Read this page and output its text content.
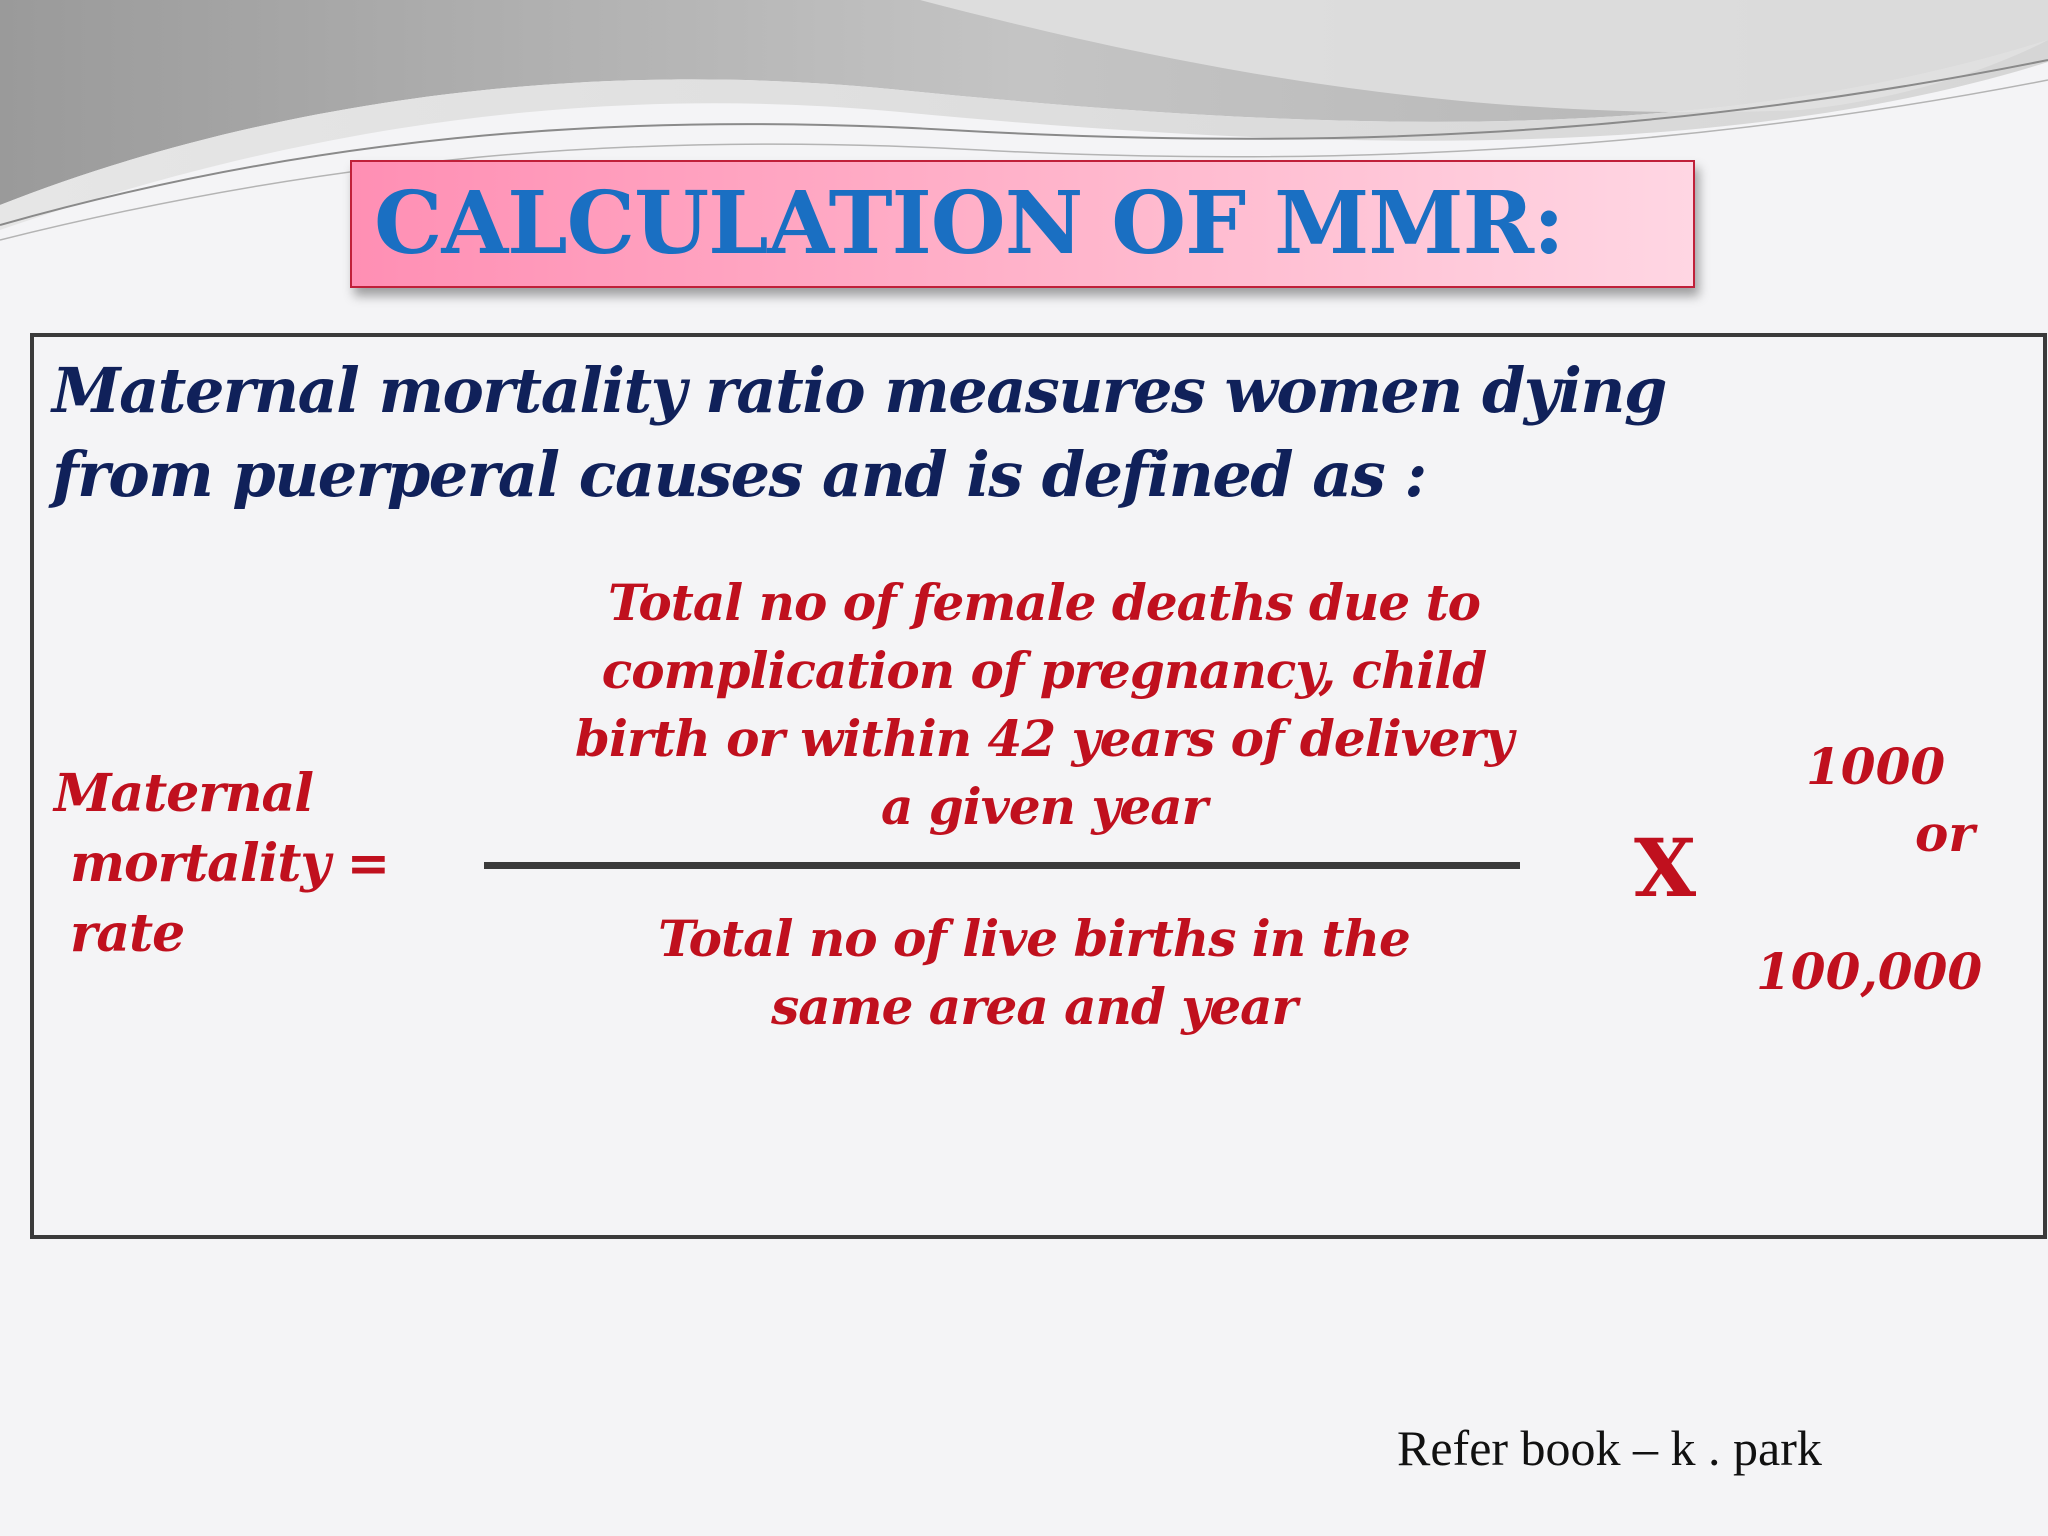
CALCULATION OF MMR:
Maternal mortality ratio measures women dying
from puerperal causes and is defined as :
Maternal
mortality =
rate
Total no of female deaths due to
complication of pregnancy, child
birth or within 42 years of delivery
a given year
Total no of live births in the
same area and year
X
1000
or
100,000
Refer book – k . park
